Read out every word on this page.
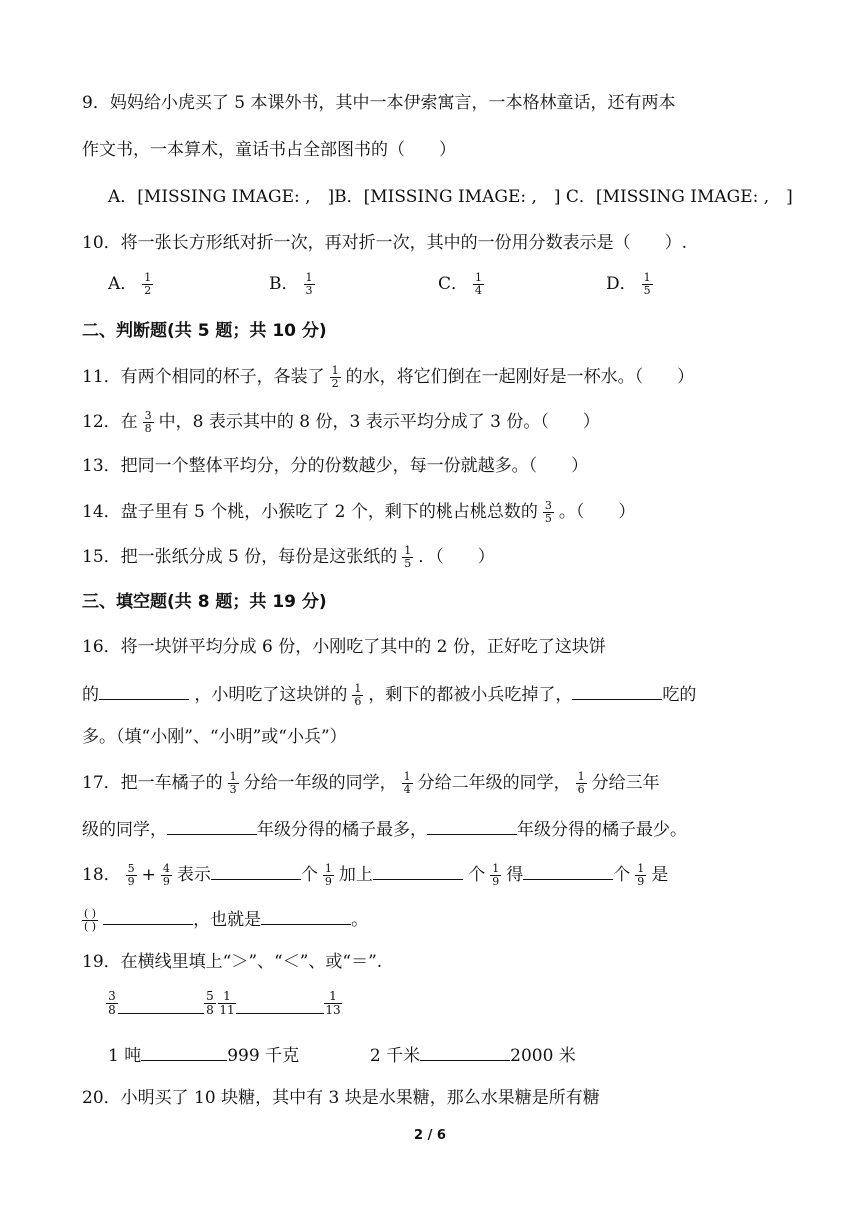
9．妈妈给小虎买了 5 本课外书，其中一本伊索寓言，一本格林童话，还有两本
作文书，一本算术，童话书占全部图书的（　　）
A．[MISSING IMAGE: ,　]B．[MISSING IMAGE: ,　] C．[MISSING IMAGE: ,　]
10．将一张长方形纸对折一次，再对折一次，其中的一份用分数表示是（　　）.
A． $\frac{1}{2}$	B． $\frac{1}{3}$	C． $\frac{1}{4}$	D． $\frac{1}{5}$
二、判断题(共 5 题；共 10 分)
11．有两个相同的杯子，各装了 $\frac{1}{2}$ 的水，将它们倒在一起刚好是一杯水。（　　）
12．在 $\frac{3}{8}$ 中，8 表示其中的 8 份，3 表示平均分成了 3 份。（　　）
13．把同一个整体平均分，分的份数越少，每一份就越多。（　　）
14．盘子里有 5 个桃，小猴吃了 2 个，剩下的桃占桃总数的 $\frac{3}{5}$ 。（　　）
15．把一张纸分成 5 份，每份是这张纸的 $\frac{1}{5}$ ．（　　）
三、填空题(共 8 题；共 19 分)
16．将一块饼平均分成 6 份，小刚吃了其中的 2 份，正好吃了这块饼
的	，小明吃了这块饼的 $\frac{1}{6}$ ，剩下的都被小兵吃掉了，	吃的
多。（填“小刚”、“小明”或“小兵”）
17．把一车橘子的 $\frac{1}{3}$ 分给一年级的同学， $\frac{1}{4}$ 分给二年级的同学， $\frac{1}{6}$ 分给三年
级的同学，	年级分得的橘子最多，	年级分得的橘子最少。
18． $\frac{5}{9} + \frac{4}{9}$ 表示	个 $\frac{1}{9}$ 加上	个 $\frac{1}{9}$ 得	个 $\frac{1}{9}$ 是
$\frac{( )}{( )}$	，也就是	。
19．在横线里填上“＞”、“＜”、或“＝”.
$\frac{3}{8}$	$\frac{5}{8} \frac{1}{11}$	$\frac{1}{13}$
1 吨	999 千克	2 千米	2000 米
20．小明买了 10 块糖，其中有 3 块是水果糖，那么水果糖是所有糖
2 / 6
